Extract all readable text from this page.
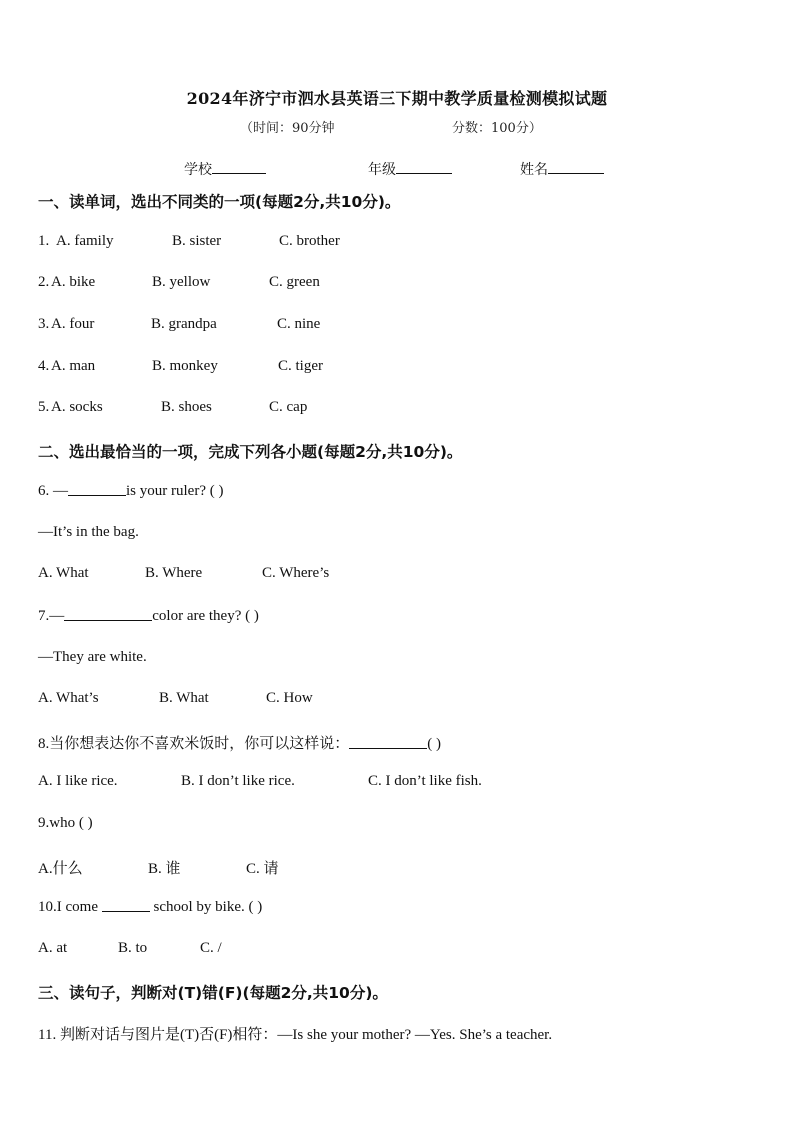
2024年济宁市泗水县英语三下期中教学质量检测模拟试题
（时间：90分钟	分数：100分）
学校	年级	姓名
一、读单词，选出不同类的一项(每题2分,共10分)。
1. A. family	B. sister	C. brother
2. A. bike	B. yellow	C. green
3. A. four	B. grandpa	C. nine
4. A. man	B. monkey	C. tiger
5. A. socks	B. shoes	C. cap
二、选出最恰当的一项，完成下列各小题(每题2分,共10分)。
6. —	is your ruler? ( )
—It’s in the bag.
A. What	B. Where	C. Where’s
7.—	color are they? ( )
—They are white.
A. What’s	B. What	C. How
8.当你想表达你不喜欢米饭时，你可以这样说：	( )
A. I like rice.	B. I don’t like rice.	C. I don’t like fish.
9.who ( )
A.什么	B. 谁	C. 请
10.I come	school by bike. ( )
A. at	B. to	C. /
三、读句子，判断对(T)错(F)(每题2分,共10分)。
11. 判断对话与图片是(T)否(F)相符：—Is she your mother? —Yes. She’s a teacher.
